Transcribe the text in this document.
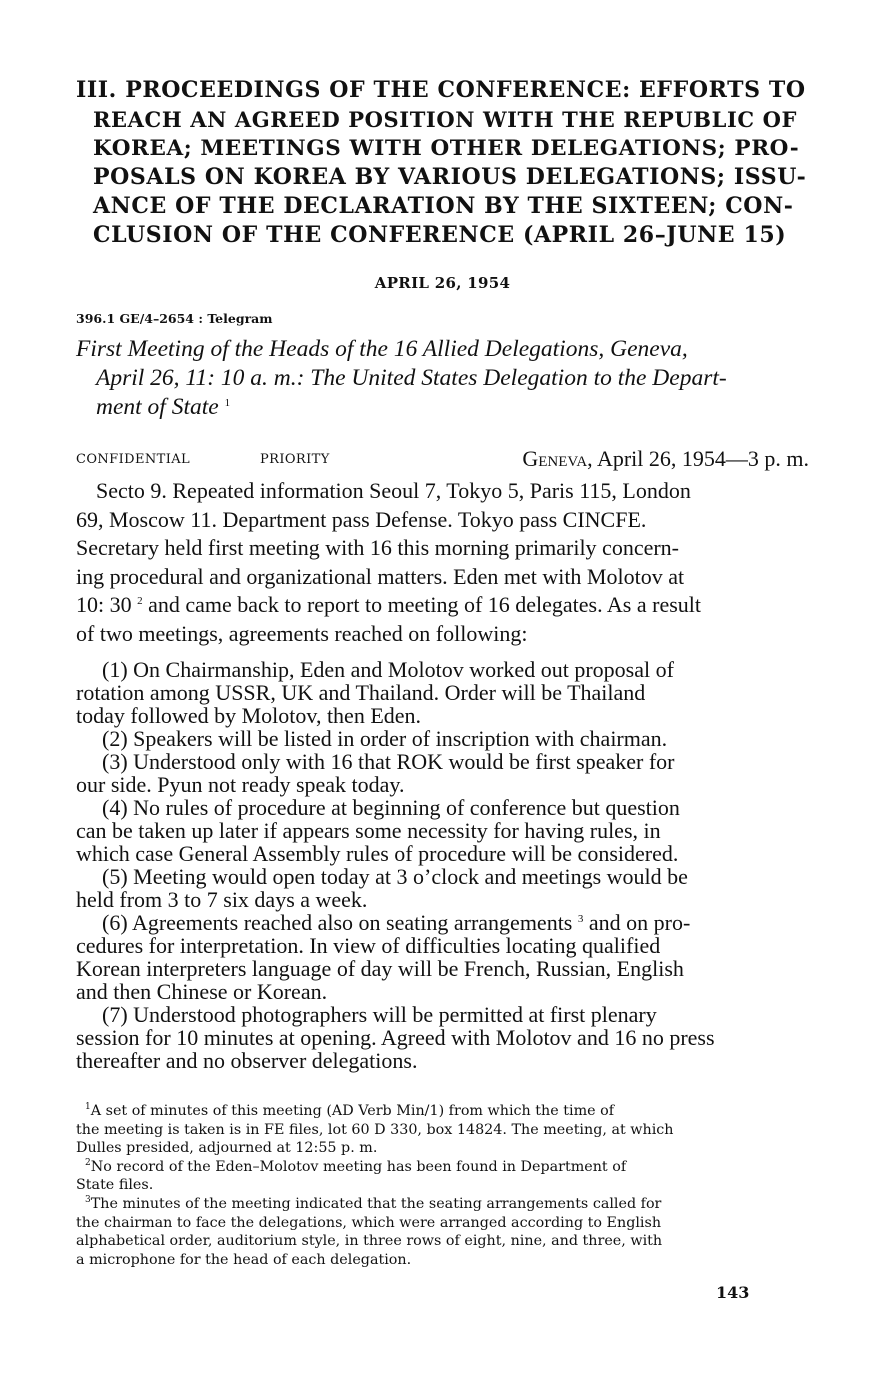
III. PROCEEDINGS OF THE CONFERENCE: EFFORTS TO
REACH AN AGREED POSITION WITH THE REPUBLIC OF
KOREA; MEETINGS WITH OTHER DELEGATIONS; PRO-
POSALS ON KOREA BY VARIOUS DELEGATIONS; ISSU-
ANCE OF THE DECLARATION BY THE SIXTEEN; CON-
CLUSION OF THE CONFERENCE (APRIL 26–JUNE 15)
APRIL 26, 1954
396.1 GE/4–2654 : Telegram
First Meeting of the Heads of the 16 Allied Delegations, Geneva,
April 26, 11: 10 a. m.: The United States Delegation to the Depart-
ment of State $^1$
CONFIDENTIAL	PRIORITY	Geneva, April 26, 1954—3 p. m.
Secto 9. Repeated information Seoul 7, Tokyo 5, Paris 115, London
69, Moscow 11. Department pass Defense. Tokyo pass CINCFE.
Secretary held first meeting with 16 this morning primarily concern-
ing procedural and organizational matters. Eden met with Molotov at
10: 30 $^2$ and came back to report to meeting of 16 delegates. As a result
of two meetings, agreements reached on following:
(1) On Chairmanship, Eden and Molotov worked out proposal of
rotation among USSR, UK and Thailand. Order will be Thailand
today followed by Molotov, then Eden.
(2) Speakers will be listed in order of inscription with chairman.
(3) Understood only with 16 that ROK would be first speaker for
our side. Pyun not ready speak today.
(4) No rules of procedure at beginning of conference but question
can be taken up later if appears some necessity for having rules, in
which case General Assembly rules of procedure will be considered.
(5) Meeting would open today at 3 o’clock and meetings would be
held from 3 to 7 six days a week.
(6) Agreements reached also on seating arrangements $^3$ and on pro-
cedures for interpretation. In view of difficulties locating qualified
Korean interpreters language of day will be French, Russian, English
and then Chinese or Korean.
(7) Understood photographers will be permitted at first plenary
session for 10 minutes at opening. Agreed with Molotov and 16 no press
thereafter and no observer delegations.
$^1$A set of minutes of this meeting (AD Verb Min/1) from which the time of
the meeting is taken is in FE files, lot 60 D 330, box 14824. The meeting, at which
Dulles presided, adjourned at 12:55 p. m.
$^2$No record of the Eden–Molotov meeting has been found in Department of
State files.
$^3$The minutes of the meeting indicated that the seating arrangements called for
the chairman to face the delegations, which were arranged according to English
alphabetical order, auditorium style, in three rows of eight, nine, and three, with
a microphone for the head of each delegation.
143
